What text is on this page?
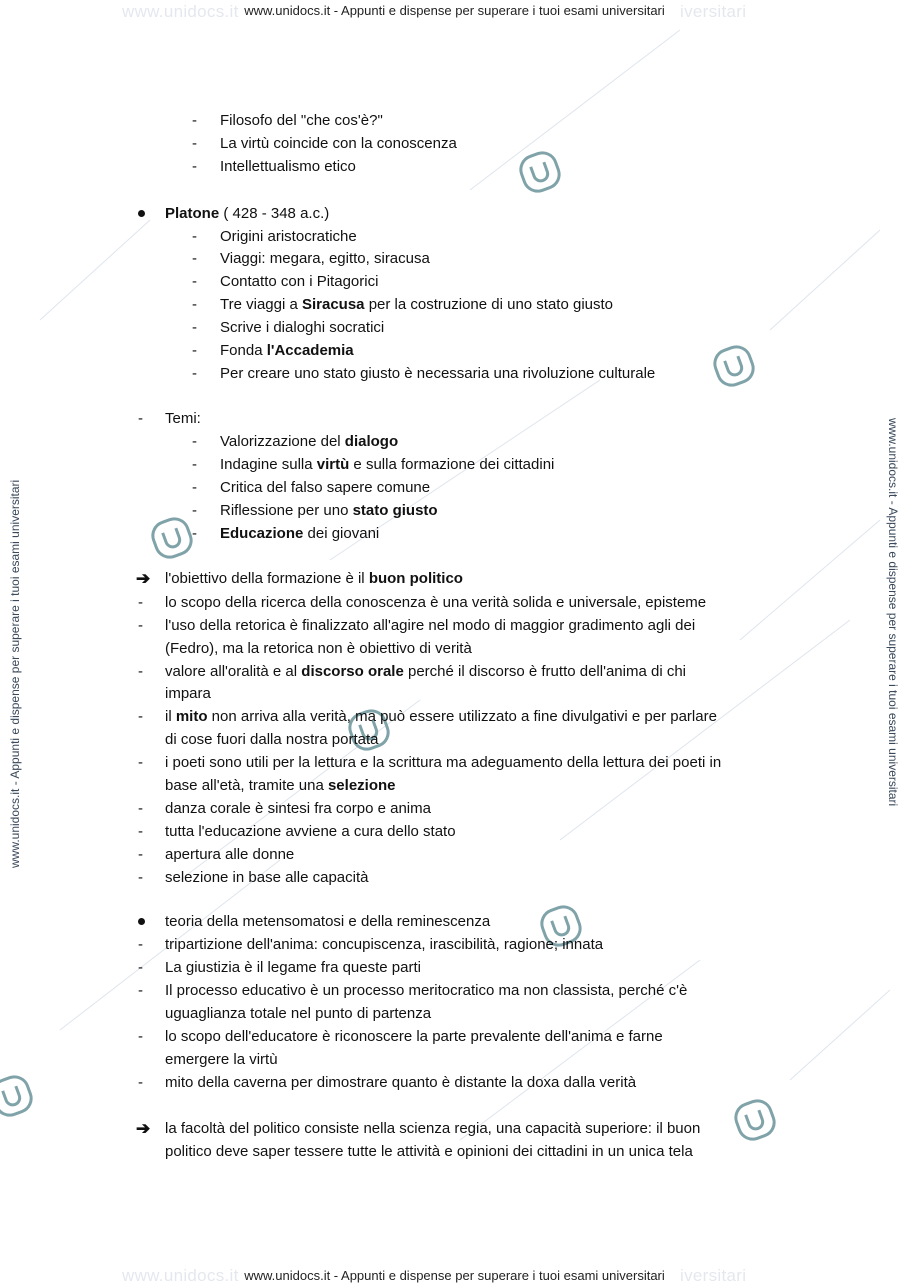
www.unidocs.it	iversitari
www.unidocs.it	iversitari
www.unidocs.it - Appunti e dispense per superare i tuoi esami universitari
www.unidocs.it - Appunti e dispense per superare i tuoi esami universitari
www.unidocs.it - Appunti e dispense per superare i tuoi esami universitari	www.unidocs.it - Appunti e dispense per superare i tuoi esami universitari
- Filosofo del "che cos'è?"
- La virtù coincide con la conoscenza
- Intellettualismo etico
Platone ( 428 - 348 a.c.)
- Origini aristocratiche
- Viaggi: megara, egitto, siracusa
- Contatto con i Pitagorici
- Tre viaggi a Siracusa per la costruzione di uno stato giusto
- Scrive i dialoghi socratici
- Fonda l'Accademia
- Per creare uno stato giusto è necessaria una rivoluzione culturale
- Temi:
- Valorizzazione del dialogo
- Indagine sulla virtù e sulla formazione dei cittadini
- Critica del falso sapere comune
- Riflessione per uno stato giusto
- Educazione dei giovani
➔ l'obiettivo della formazione è il buon politico
- lo scopo della ricerca della conoscenza è una verità solida e universale, episteme
- l'uso della retorica è finalizzato all'agire nel modo di maggior gradimento agli dei
(Fedro), ma la retorica non è obiettivo di verità
- valore all'oralità e al discorso orale perché il discorso è frutto dell'anima di chi
impara
- il mito non arriva alla verità, ma può essere utilizzato a fine divulgativi e per parlare
di cose fuori dalla nostra portata
- i poeti sono utili per la lettura e la scrittura ma adeguamento della lettura dei poeti in
base all'età, tramite una selezione
- danza corale è sintesi fra corpo e anima
- tutta l'educazione avviene a cura dello stato
- apertura alle donne
- selezione in base alle capacità
teoria della metensomatosi e della reminescenza
- tripartizione dell'anima: concupiscenza, irascibilità, ragione; innata
- La giustizia è il legame fra queste parti
- Il processo educativo è un processo meritocratico ma non classista, perché c'è
uguaglianza totale nel punto di partenza
- lo scopo dell'educatore è riconoscere la parte prevalente dell'anima e farne
emergere la virtù
- mito della caverna per dimostrare quanto è distante la doxa dalla verità
➔ la facoltà del politico consiste nella scienza regia, una capacità superiore: il buon
politico deve saper tessere tutte le attività e opinioni dei cittadini in un unica tela
